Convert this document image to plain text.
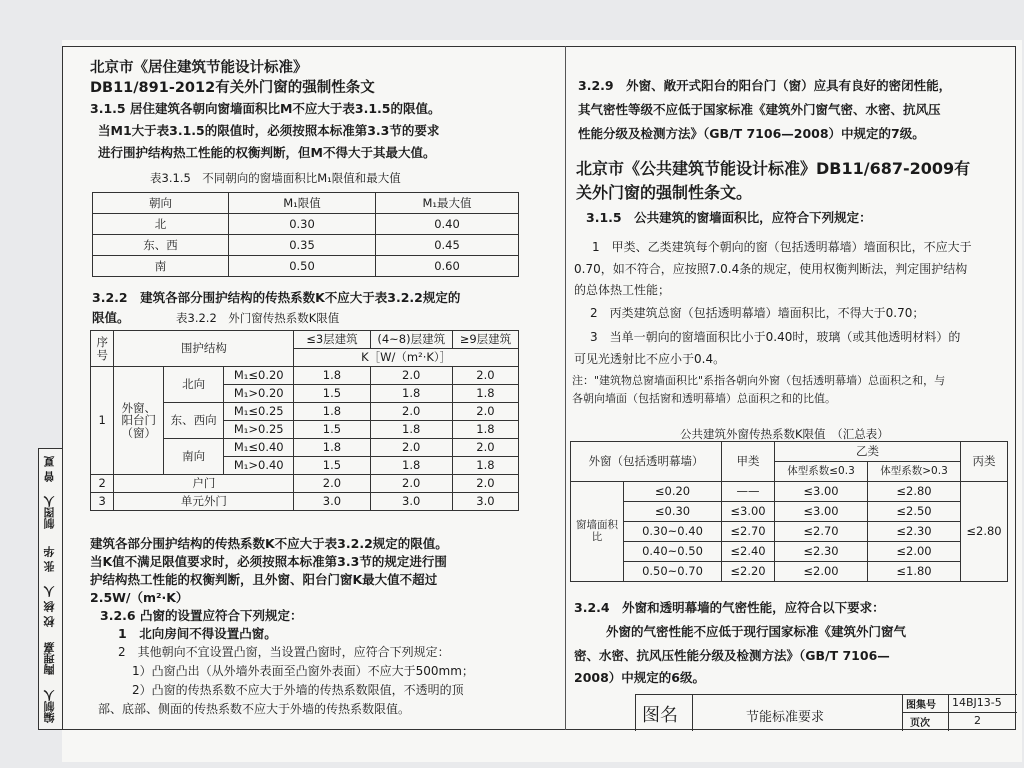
编制人
陶理嘉
校 核 人
张 华
制图人
曾 夏
北京市《居住建筑节能设计标准》
DB11/891-2012有关外门窗的强制性条文
3.1.5 居住建筑各朝向窗墙面积比M不应大于表3.1.5的限值。
当M1大于表3.1.5的限值时，必须按照本标准第3.3节的要求
进行围护结构热工性能的权衡判断，但M不得大于其最大值。
表3.1.5　不同朝向的窗墙面积比M₁限值和最大值
朝向	M₁限值	M₁最大值
北	0.30	0.40
东、西	0.35	0.45
南	0.50	0.60
3.2.2　建筑各部分围护结构的传热系数K不应大于表3.2.2规定的
限值。	表3.2.2　外门窗传热系数K限值
序号	围护结构			≤3层建筑	(4~8)层建筑	≥9层建筑
				K［W/（m²·K）］		
1	外窗、阳台门（窗）	北向	M₁≤0.20	1.8	2.0	2.0
			M₁>0.20	1.5	1.8	1.8
		东、西向	M₁≤0.25	1.8	2.0	2.0
			M₁>0.25	1.5	1.8	1.8
		南向	M₁≤0.40	1.8	2.0	2.0
			M₁>0.40	1.5	1.8	1.8
2	户门			2.0	2.0	2.0
3	单元外门			3.0	3.0	3.0
建筑各部分围护结构的传热系数K不应大于表3.2.2规定的限值。
当K值不满足限值要求时，必须按照本标准第3.3节的规定进行围
护结构热工性能的权衡判断，且外窗、阳台门窗K最大值不超过
2.5W/（m²·K）
3.2.6 凸窗的设置应符合下列规定：
1　北向房间不得设置凸窗。
2　其他朝向不宜设置凸窗，当设置凸窗时，应符合下列规定：
1）凸窗凸出（从外墙外表面至凸窗外表面）不应大于500mm；
2）凸窗的传热系数不应大于外墙的传热系数限值，不透明的顶
部、底部、侧面的传热系数不应大于外墙的传热系数限值。
3.2.9　外窗、敞开式阳台的阳台门（窗）应具有良好的密闭性能，
其气密性等级不应低于国家标准《建筑外门窗气密、水密、抗风压
性能分级及检测方法》（GB/T 7106—2008）中规定的7级。
北京市《公共建筑节能设计标准》DB11/687-2009有
关外门窗的强制性条文。
3.1.5　公共建筑的窗墙面积比，应符合下列规定：
1　甲类、乙类建筑每个朝向的窗（包括透明幕墙）墙面积比，不应大于
0.70，如不符合，应按照7.0.4条的规定，使用权衡判断法，判定围护结构
的总体热工性能；
2　丙类建筑总窗（包括透明幕墙）墙面积比，不得大于0.70；
3　当单一朝向的窗墙面积比小于0.40时，玻璃（或其他透明材料）的
可见光透射比不应小于0.4。
注："建筑物总窗墙面积比"系指各朝向外窗（包括透明幕墙）总面积之和，与
各朝向墙面（包括窗和透明幕墙）总面积之和的比值。
公共建筑外窗传热系数K限值　（汇总表）
外窗（包括透明幕墙）		甲类	乙类		丙类
			体型系数≤0.3	体型系数>0.3	
窗墙面积比	≤0.20	——	≤3.00	≤2.80	≤2.80
	≤0.30	≤3.00	≤3.00	≤2.50	
	0.30~0.40	≤2.70	≤2.70	≤2.30	
	0.40~0.50	≤2.40	≤2.30	≤2.00	
	0.50~0.70	≤2.20	≤2.00	≤1.80	
3.2.4　外窗和透明幕墙的气密性能，应符合以下要求：
外窗的气密性能不应低于现行国家标准《建筑外门窗气
密、水密、抗风压性能分级及检测方法》（GB/T 7106—
2008）中规定的6级。
图名	节能标准要求
图集号 14BJ13-5
页次	2
